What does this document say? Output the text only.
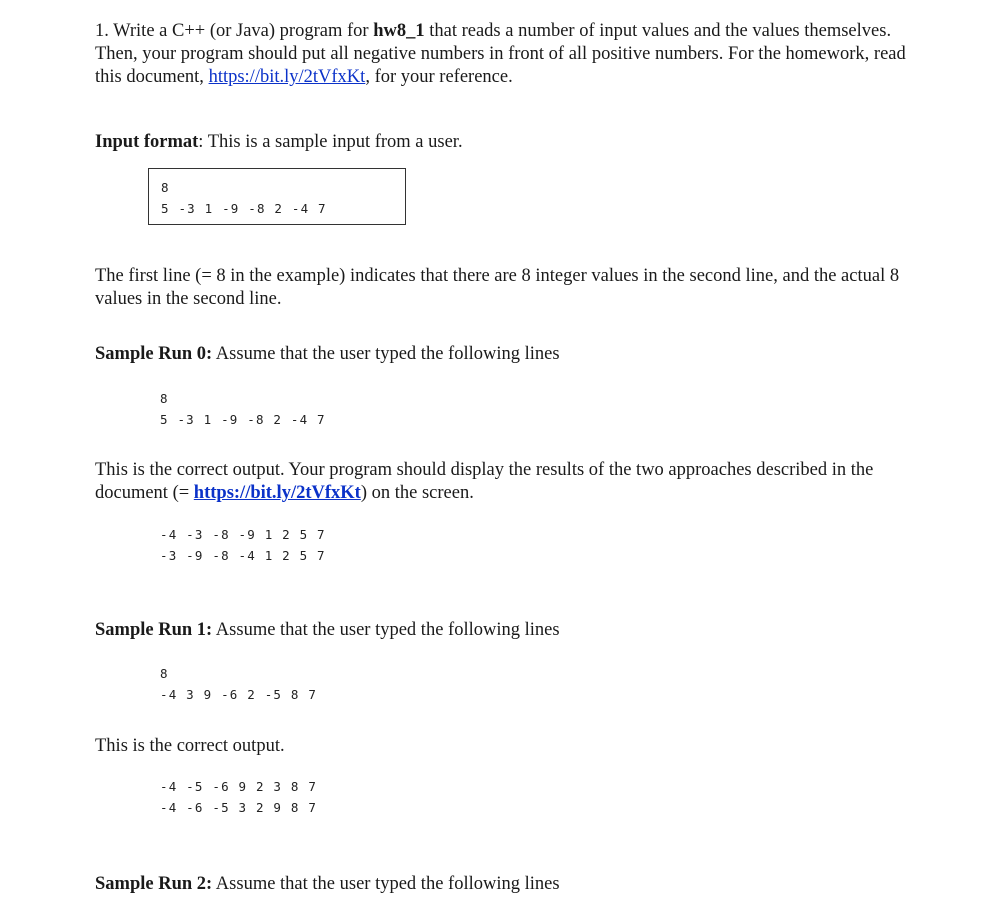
1. Write a C++ (or Java) program for hw8_1 that reads a number of input values and the values themselves. Then, your program should put all negative numbers in front of all positive numbers. For the homework, read this document, https://bit.ly/2tVfxKt, for your reference.

Input format: This is a sample input from a user.

8
5 -3 1 -9 -8 2 -4 7

The first line (= 8 in the example) indicates that there are 8 integer values in the second line, and the actual 8 values in the second line.

Sample Run 0: Assume that the user typed the following lines

8
5 -3 1 -9 -8 2 -4 7

This is the correct output. Your program should display the results of the two approaches described in the document (= https://bit.ly/2tVfxKt) on the screen.

-4 -3 -8 -9 1 2 5 7
-3 -9 -8 -4 1 2 5 7

Sample Run 1: Assume that the user typed the following lines

8
-4 3 9 -6 2 -5 8 7

This is the correct output.

-4 -5 -6 9 2 3 8 7
-4 -6 -5 3 2 9 8 7

Sample Run 2: Assume that the user typed the following lines
